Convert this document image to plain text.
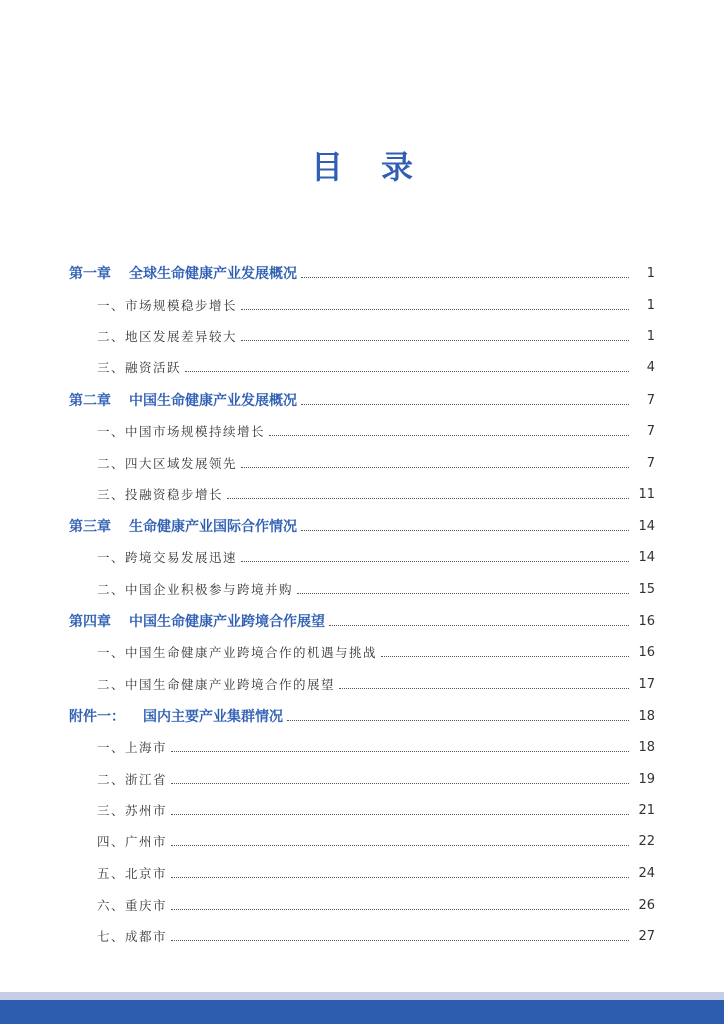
目 录
第一章 全球生命健康产业发展概况	1
一、市场规模稳步增长	1
二、地区发展差异较大	1
三、融资活跃	4
第二章 中国生命健康产业发展概况	7
一、中国市场规模持续增长	7
二、四大区域发展领先	7
三、投融资稳步增长	11
第三章 生命健康产业国际合作情况	14
一、跨境交易发展迅速	14
二、中国企业积极参与跨境并购	15
第四章 中国生命健康产业跨境合作展望	16
一、中国生命健康产业跨境合作的机遇与挑战	16
二、中国生命健康产业跨境合作的展望	17
附件一： 国内主要产业集群情况	18
一、上海市	18
二、浙江省	19
三、苏州市	21
四、广州市	22
五、北京市	24
六、重庆市	26
七、成都市	27
